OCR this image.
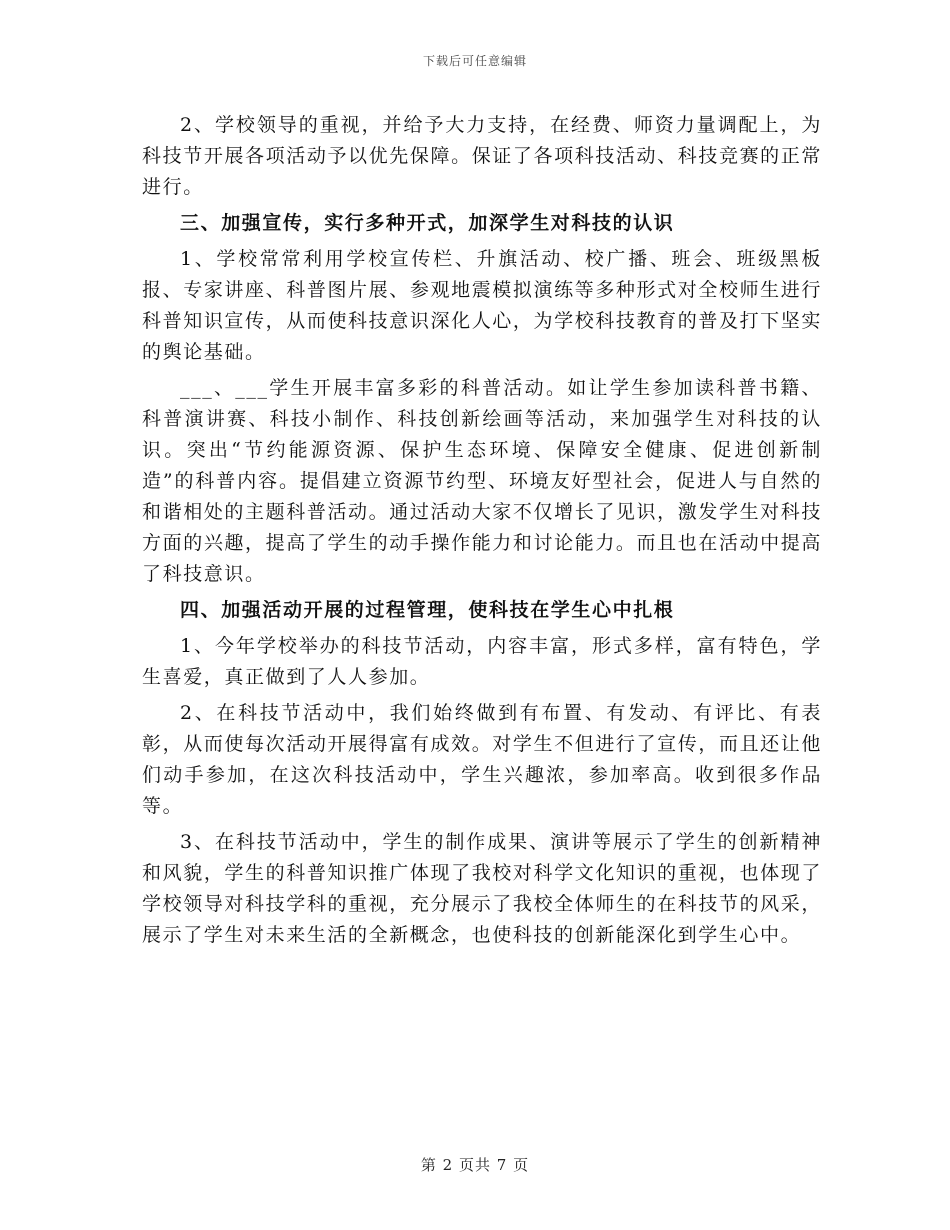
下载后可任意编辑

2、学校领导的重视，并给予大力支持，在经费、师资力量调配上，为科技节开展各项活动予以优先保障。保证了各项科技活动、科技竞赛的正常进行。

三、加强宣传，实行多种开式，加深学生对科技的认识

1、学校常常利用学校宣传栏、升旗活动、校广播、班会、班级黑板报、专家讲座、科普图片展、参观地震模拟演练等多种形式对全校师生进行科普知识宣传，从而使科技意识深化人心，为学校科技教育的普及打下坚实的舆论基础。

___、___学生开展丰富多彩的科普活动。如让学生参加读科普书籍、科普演讲赛、科技小制作、科技创新绘画等活动，来加强学生对科技的认识。突出“节约能源资源、保护生态环境、保障安全健康、促进创新制造”的科普内容。提倡建立资源节约型、环境友好型社会，促进人与自然的和谐相处的主题科普活动。通过活动大家不仅增长了见识，激发学生对科技方面的兴趣，提高了学生的动手操作能力和讨论能力。而且也在活动中提高了科技意识。

四、加强活动开展的过程管理，使科技在学生心中扎根

1、今年学校举办的科技节活动，内容丰富，形式多样，富有特色，学生喜爱，真正做到了人人参加。

2、在科技节活动中，我们始终做到有布置、有发动、有评比、有表彰，从而使每次活动开展得富有成效。对学生不但进行了宣传，而且还让他们动手参加，在这次科技活动中，学生兴趣浓，参加率高。收到很多作品等。

3、在科技节活动中，学生的制作成果、演讲等展示了学生的创新精神和风貌，学生的科普知识推广体现了我校对科学文化知识的重视，也体现了学校领导对科技学科的重视，充分展示了我校全体师生的在科技节的风采，展示了学生对未来生活的全新概念，也使科技的创新能深化到学生心中。

第 2 页共 7 页
